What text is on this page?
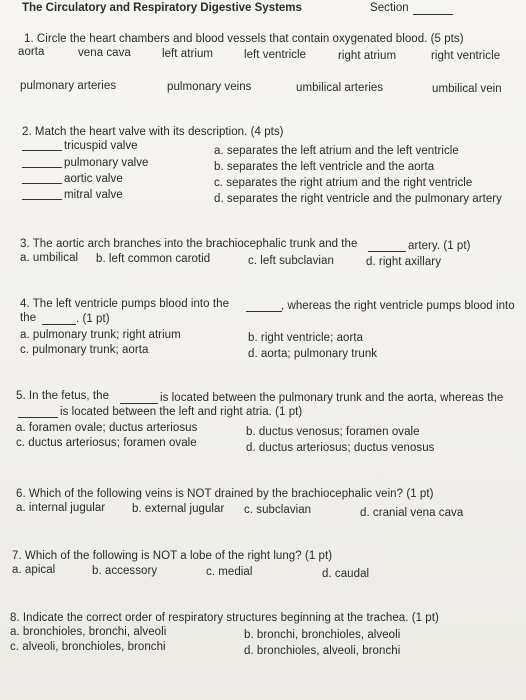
The Circulatory and Respiratory Digestive Systems	Section
1. Circle the heart chambers and blood vessels that contain oxygenated blood. (5 pts)
aorta	vena cava	left atrium	left ventricle	right atrium	right ventricle
pulmonary arteries	pulmonary veins	umbilical arteries	umbilical vein
2. Match the heart valve with its description. (4 pts)
tricuspid valve
pulmonary valve
aortic valve
mitral valve
a. separates the left atrium and the left ventricle
b. separates the left ventricle and the aorta
c. separates the right atrium and the right ventricle
d. separates the right ventricle and the pulmonary artery
3. The aortic arch branches into the brachiocephalic trunk and the	artery. (1 pt)
a. umbilical b. left common carotid	c. left subclavian	d. right axillary
4. The left ventricle pumps blood into the	, whereas the right ventricle pumps blood into
the	. (1 pt)
a. pulmonary trunk; right atrium	b. right ventricle; aorta
c. pulmonary trunk; aorta	d. aorta; pulmonary trunk
5. In the fetus, the	is located between the pulmonary trunk and the aorta, whereas the
is located between the left and right atria. (1 pt)
a. foramen ovale; ductus arteriosus	b. ductus venosus; foramen ovale
c. ductus arteriosus; foramen ovale	d. ductus arteriosus; ductus venosus
6. Which of the following veins is NOT drained by the brachiocephalic vein? (1 pt)
a. internal jugular b. external jugular c. subclavian	d. cranial vena cava
7. Which of the following is NOT a lobe of the right lung? (1 pt)
a. apical	b. accessory	c. medial	d. caudal
8. Indicate the correct order of respiratory structures beginning at the trachea. (1 pt)
a. bronchioles, bronchi, alveoli	b. bronchi, bronchioles, alveoli
c. alveoli, bronchioles, bronchi	d. bronchioles, alveoli, bronchi
